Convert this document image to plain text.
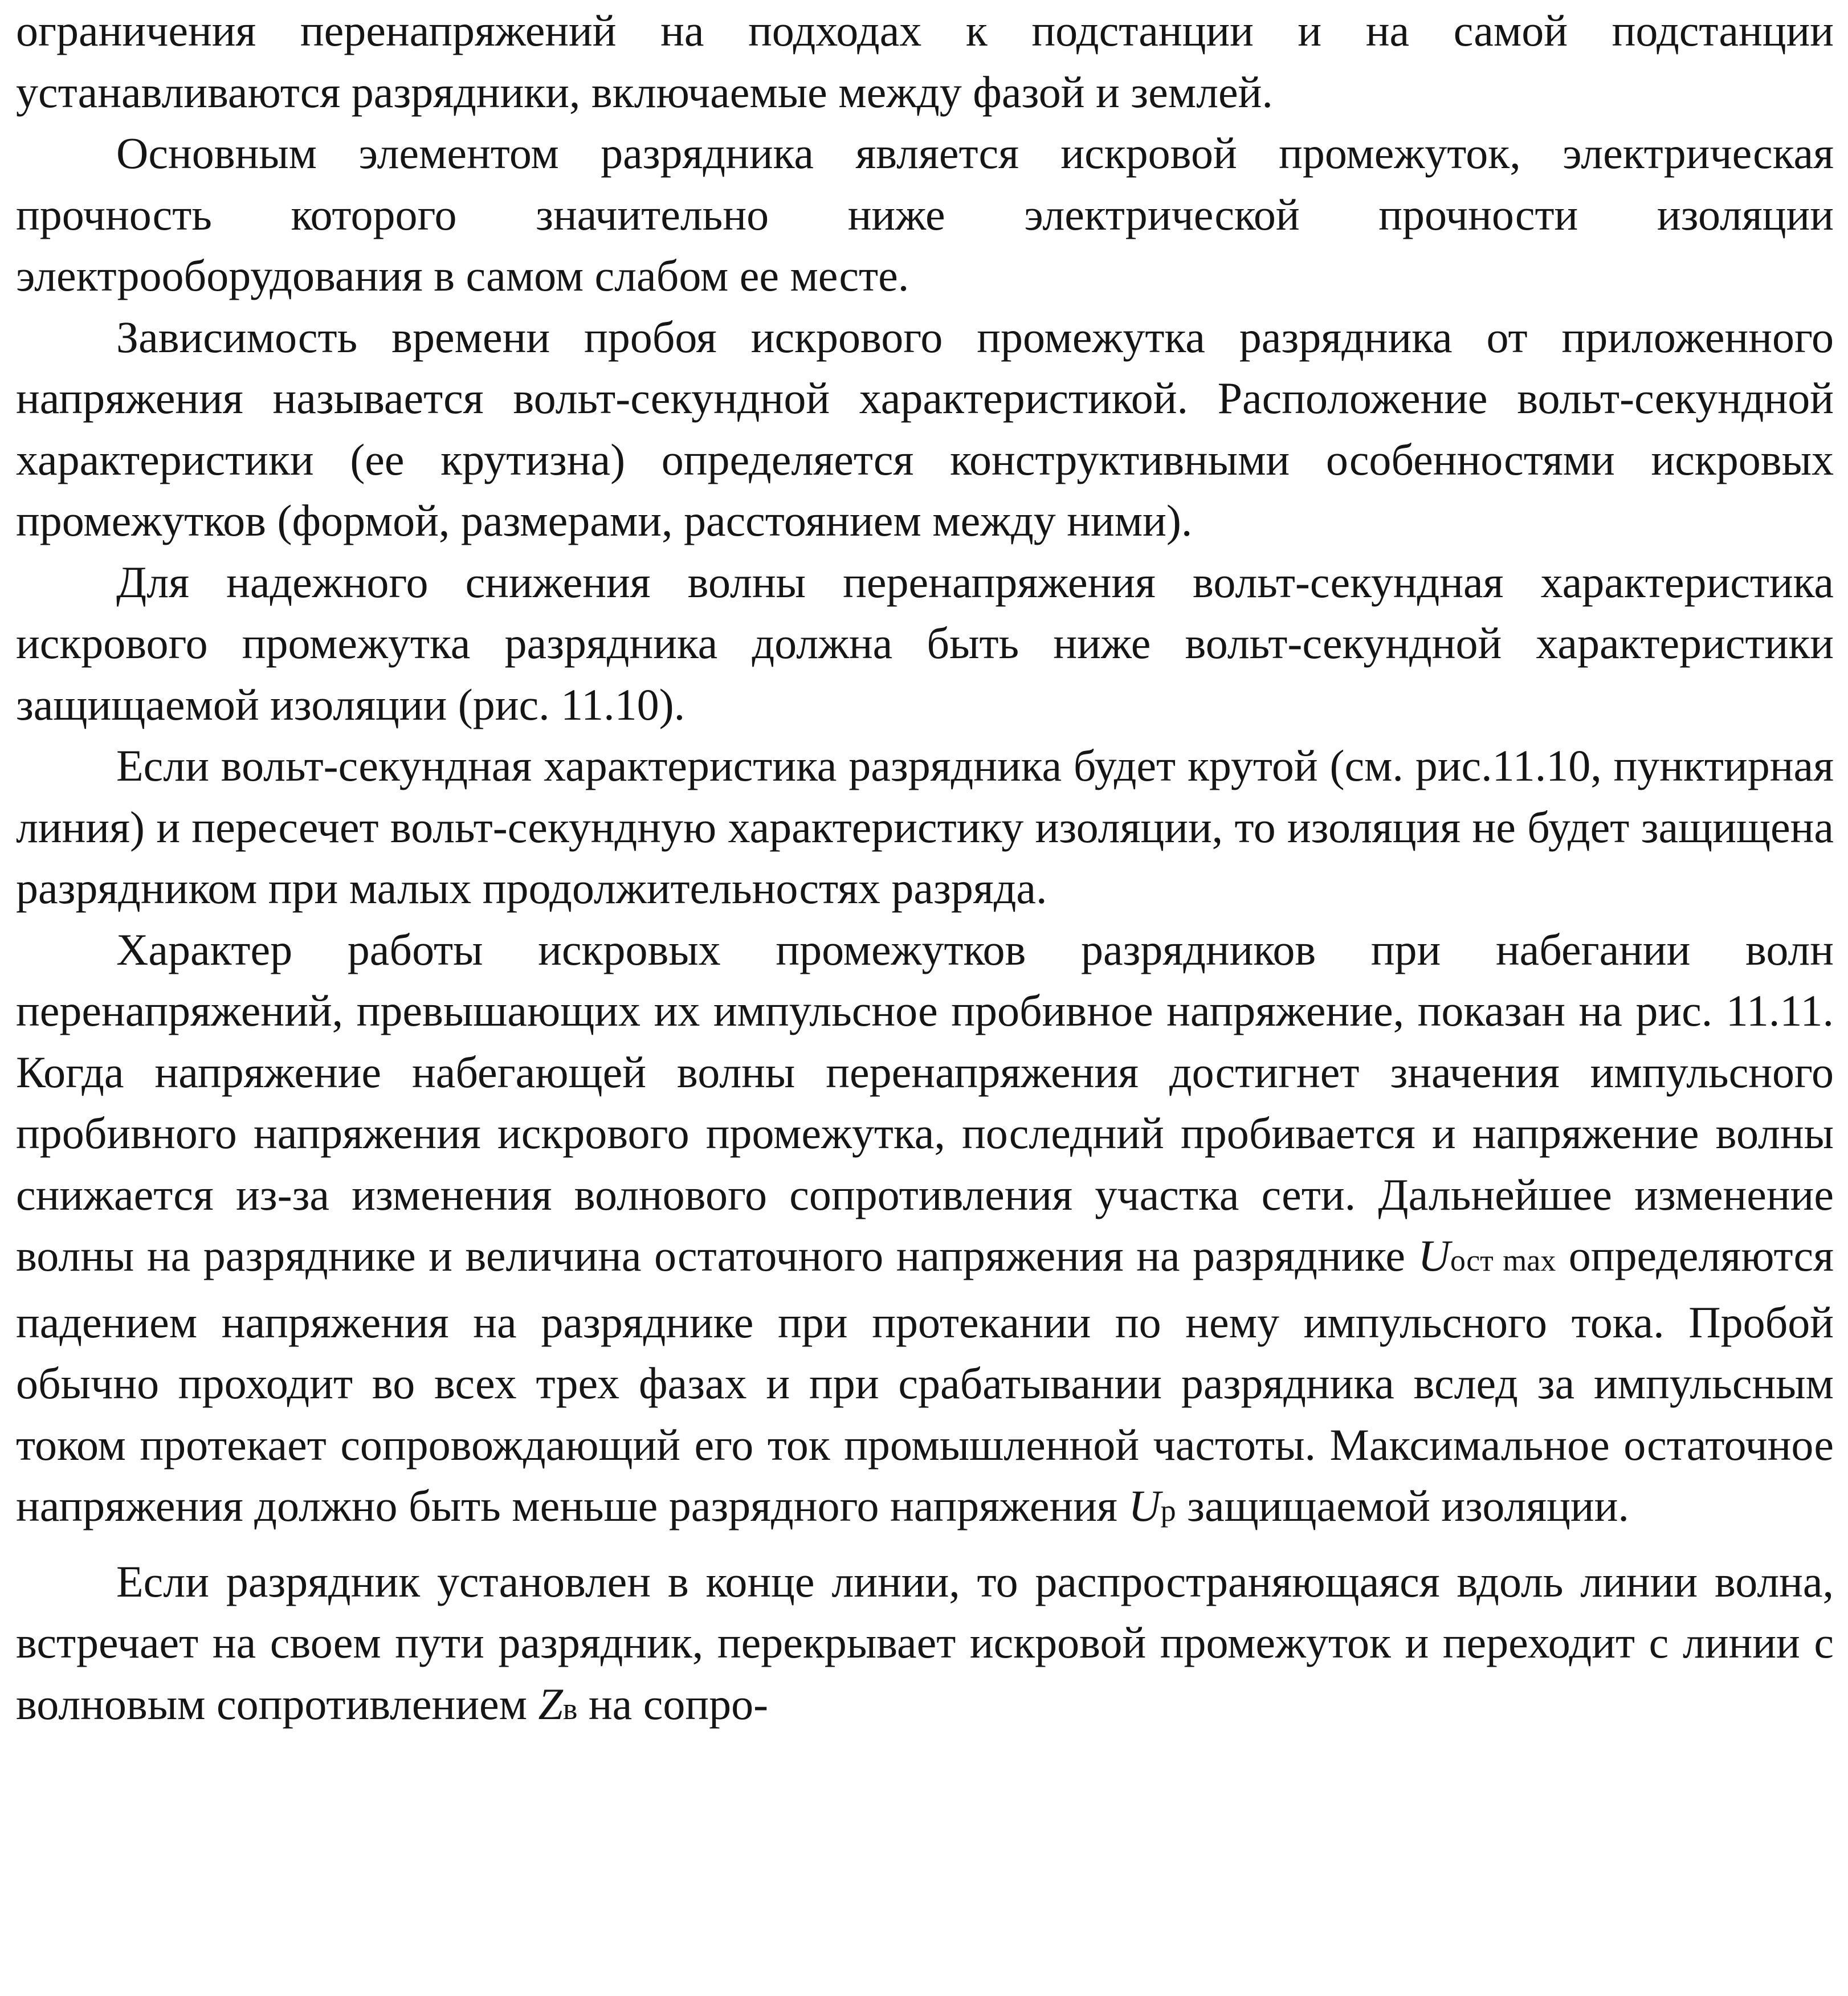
ограничения перенапряжений на подходах к подстанции и на самой подстанции устанавливаются разрядники, включаемые между фазой и землей.

Основным элементом разрядника является искровой промежуток, электрическая прочность которого значительно ниже электрической прочности изоляции электрооборудования в самом слабом ее месте.

Зависимость времени пробоя искрового промежутка разрядника от приложенного напряжения называется вольт-секундной характеристикой. Расположение вольт-секундной характеристики (ее крутизна) определяется конструктивными особенностями искровых промежутков (формой, размерами, расстоянием между ними).

Для надежного снижения волны перенапряжения вольт-секундная характеристика искрового промежутка разрядника должна быть ниже вольт-секундной характеристики защищаемой изоляции (рис. 11.10).

Если вольт-секундная характеристика разрядника будет крутой (см. рис.11.10, пунктирная линия) и пересечет вольт-секундную характеристику изоляции, то изоляция не будет защищена разрядником при малых продолжительностях разряда.

Характер работы искровых промежутков разрядников при набегании волн перенапряжений, превышающих их импульсное пробивное напряжение, показан на рис. 11.11. Когда напряжение набегающей волны перенапряжения достигнет значения импульсного пробивного напряжения искрового промежутка, последний пробивается и напряжение волны снижается из-за изменения волнового сопротивления участка сети. Дальнейшее изменение волны на разряднике и величина остаточного напряжения на разряднике Uост max определяются падением напряжения на разряднике при протекании по нему импульсного тока. Пробой обычно проходит во всех трех фазах и при срабатывании разрядника вслед за импульсным током протекает сопровождающий его ток промышленной частоты. Максимальное остаточное напряжения должно быть меньше разрядного напряжения Uр защищаемой изоляции.

Если разрядник установлен в конце линии, то распространяющаяся вдоль линии волна, встречает на своем пути разрядник, перекрывает искровой промежуток и переходит с линии с волновым сопротивлением Zв на сопро-
